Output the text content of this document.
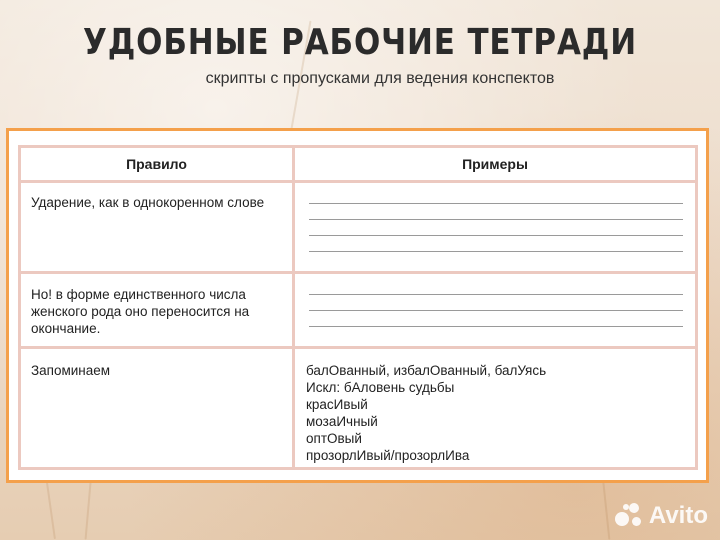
УДОБНЫЕ РАБОЧИЕ ТЕТРАДИ
скрипты с пропусками для ведения конспектов
Правило	Примеры
Ударение, как в однокоренном слове
Но! в форме единственного числа женского рода оно переносится на окончание.
Запоминаем	балОванный, избалОванный, балУясь
Искл: бАловень судьбы
красИвый
мозаИчный
оптОвый
прозорлИвый/прозорлИва
Avito
